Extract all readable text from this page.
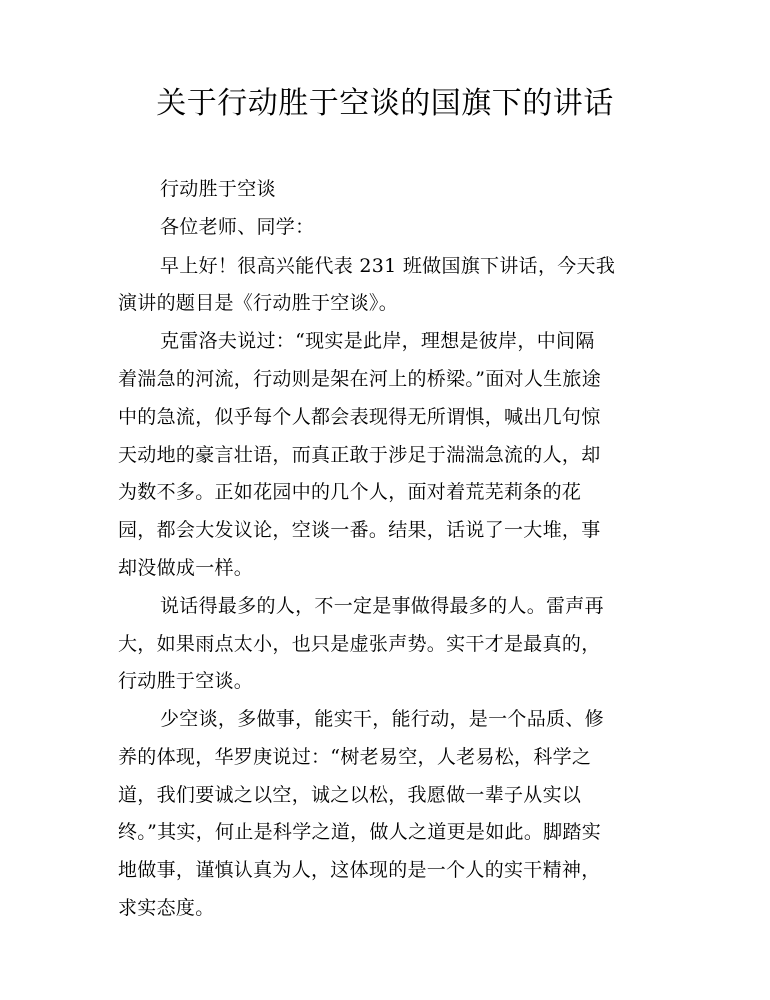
关于行动胜于空谈的国旗下的讲话

行动胜于空谈

各位老师、同学：

早上好！很高兴能代表 231 班做国旗下讲话，今天我

演讲的题目是《行动胜于空谈》。

克雷洛夫说过：“现实是此岸，理想是彼岸，中间隔

着湍急的河流，行动则是架在河上的桥梁。”面对人生旅途

中的急流，似乎每个人都会表现得无所谓惧，喊出几句惊

天动地的豪言壮语，而真正敢于涉足于湍湍急流的人，却

为数不多。正如花园中的几个人，面对着荒芜莉条的花

园，都会大发议论，空谈一番。结果，话说了一大堆，事

却没做成一样。

说话得最多的人，不一定是事做得最多的人。雷声再

大，如果雨点太小，也只是虚张声势。实干才是最真的，

行动胜于空谈。

少空谈，多做事，能实干，能行动，是一个品质、修

养的体现，华罗庚说过：“树老易空，人老易松，科学之

道，我们要诚之以空，诚之以松，我愿做一辈子从实以

终。”其实，何止是科学之道，做人之道更是如此。脚踏实

地做事，谨慎认真为人，这体现的是一个人的实干精神，

求实态度。
